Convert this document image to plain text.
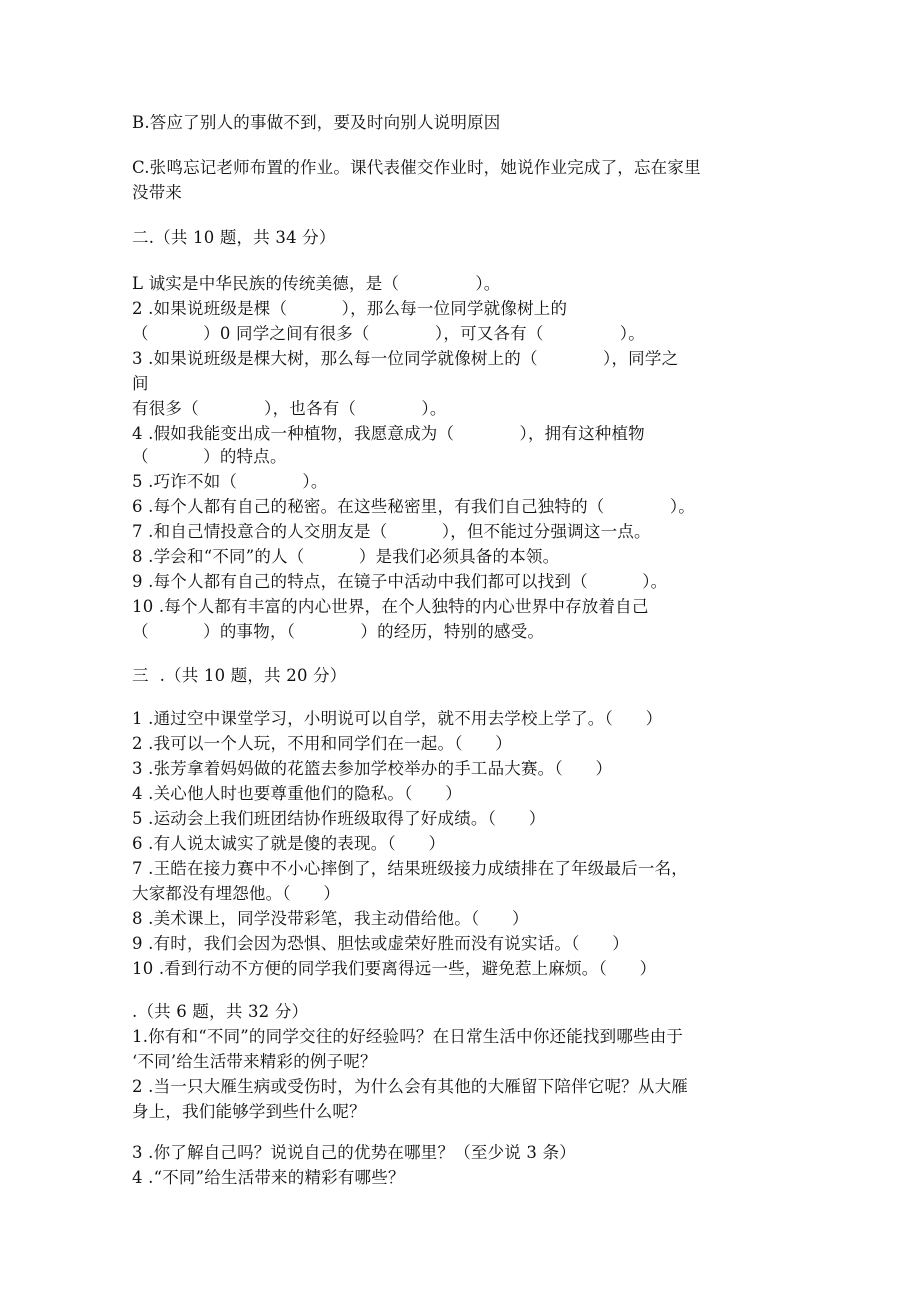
B.答应了别人的事做不到，要及时向别人说明原因
C.张鸣忘记老师布置的作业。课代表催交作业时，她说作业完成了，忘在家里
没带来
二.（共 10 题，共 34 分）
L 诚实是中华民族的传统美德，是（              ）。
2 .如果说班级是棵（          ），那么每一位同学就像树上的
（          ）0 同学之间有很多（            ），可又各有（              ）。
3 .如果说班级是棵大树，那么每一位同学就像树上的（            ），同学之
间
有很多（            ），也各有（            ）。
4 .假如我能变出成一种植物，我愿意成为（            ），拥有这种植物
（          ）的特点。
5 .巧诈不如（            ）。
6 .每个人都有自己的秘密。在这些秘密里，有我们自己独特的（            ）。
7 .和自己情投意合的人交朋友是（          ），但不能过分强调这一点。
8 .学会和“不同”的人（          ）是我们必须具备的本领。
9 .每个人都有自己的特点，在镜子中活动中我们都可以找到（          ）。
10 .每个人都有丰富的内心世界，在个人独特的内心世界中存放着自己
（          ）的事物，（            ）的经历，特别的感受。
三  .（共 10 题，共 20 分）
1 .通过空中课堂学习，小明说可以自学，就不用去学校上学了。（      ）
2 .我可以一个人玩，不用和同学们在一起。（      ）
3 .张芳拿着妈妈做的花篮去参加学校举办的手工品大赛。（      ）
4 .关心他人时也要尊重他们的隐私。（      ）
5 .运动会上我们班团结协作班级取得了好成绩。（      ）
6 .有人说太诚实了就是傻的表现。（      ）
7 .王皓在接力赛中不小心摔倒了，结果班级接力成绩排在了年级最后一名，
大家都没有埋怨他。（      ）
8 .美术课上，同学没带彩笔，我主动借给他。（      ）
9 .有时，我们会因为恐惧、胆怯或虚荣好胜而没有说实话。（      ）
10 .看到行动不方便的同学我们要离得远一些，避免惹上麻烦。（      ）
.（共 6 题，共 32 分）
1.你有和“不同”的同学交往的好经验吗？在日常生活中你还能找到哪些由于
‘不同’给生活带来精彩的例子呢？
2 .当一只大雁生病或受伤时，为什么会有其他的大雁留下陪伴它呢？从大雁
身上，我们能够学到些什么呢？
3 .你了解自己吗？说说自己的优势在哪里？（至少说 3 条）
4 .“不同”给生活带来的精彩有哪些？
